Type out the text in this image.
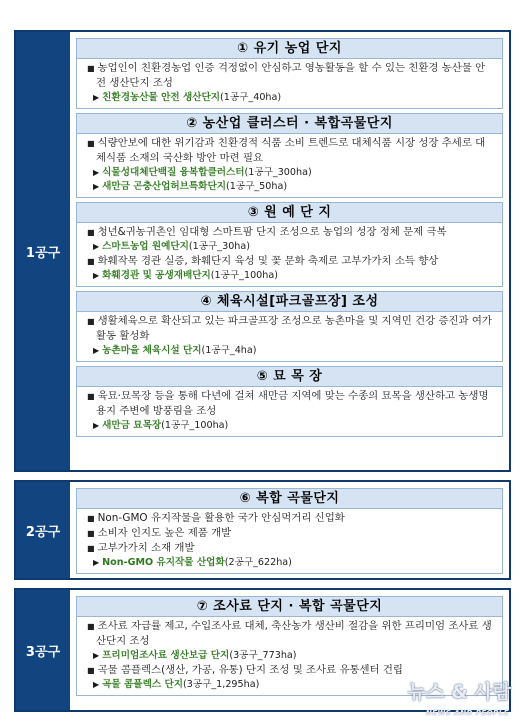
1공구
① 유기 농업 단지
■ 농업인이 친환경농업 인증 걱정없이 안심하고 영농활동을 할 수 있는 친환경 농산물 안전 생산단지 조성
▶ 친환경농산물 안전 생산단지(1공구_40ha)
② 농산업 클러스터 · 복합곡물단지
■ 식량안보에 대한 위기감과 친환경적 식품 소비 트렌드로 대체식품 시장 성장 추세로 대체식품 소재의 국산화 방안 마련 필요
▶ 식물성대체단백질 융복합클러스터(1공구_300ha)
▶ 새만금 곤충산업허브특화단지(1공구_50ha)
③ 원 예 단 지
■ 청년&귀농귀촌인 임대형 스마트팜 단지 조성으로 농업의 성장 정체 문제 극복
▶ 스마트농업 원예단지(1공구_30ha)
■ 화훼작목 경관 실증, 화훼단지 육성 및 꽃 문화 축제로 고부가가치 소득 향상
▶ 화훼경관 및 공생재배단지(1공구_100ha)
④ 체육시설[파크골프장] 조성
■ 생활체육으로 확산되고 있는 파크골프장 조성으로 농촌마을 및 지역민 건강 증진과 여가활동 활성화
▶ 농촌마을 체육시설 단지(1공구_4ha)
⑤ 묘 목 장
■ 육묘·묘목장 등을 통해 다년에 걸쳐 새만금 지역에 맞는 수종의 묘목을 생산하고 농생명용지 주변에 방풍림을 조성
▶ 새만금 묘목장(1공구_100ha)
2공구
⑥ 복합 곡물단지
■ Non-GMO 유지작물을 활용한 국가 안심먹거리 신업화
■ 소비자 인지도 높은 제품 개발
■ 고부가가치 소재 개발
▶ Non-GMO 유지작물 산업화(2공구_622ha)
3공구
⑦ 조사료 단지 · 복합 곡물단지
■ 조사료 자급률 제고, 수입조사료 대체, 축산농가 생산비 절감을 위한 프리미엄 조사료 생산단지 조성
▶ 프리미엄조사료 생산보급 단지(3공구_773ha)
■ 곡물 콤플렉스(생산, 가공, 유통) 단지 조성 및 조사료 유통센터 건립
▶ 곡물 콤플렉스 단지(3공구_1,295ha)	뉴스 & 사람
NEWS AND PEOPLE
